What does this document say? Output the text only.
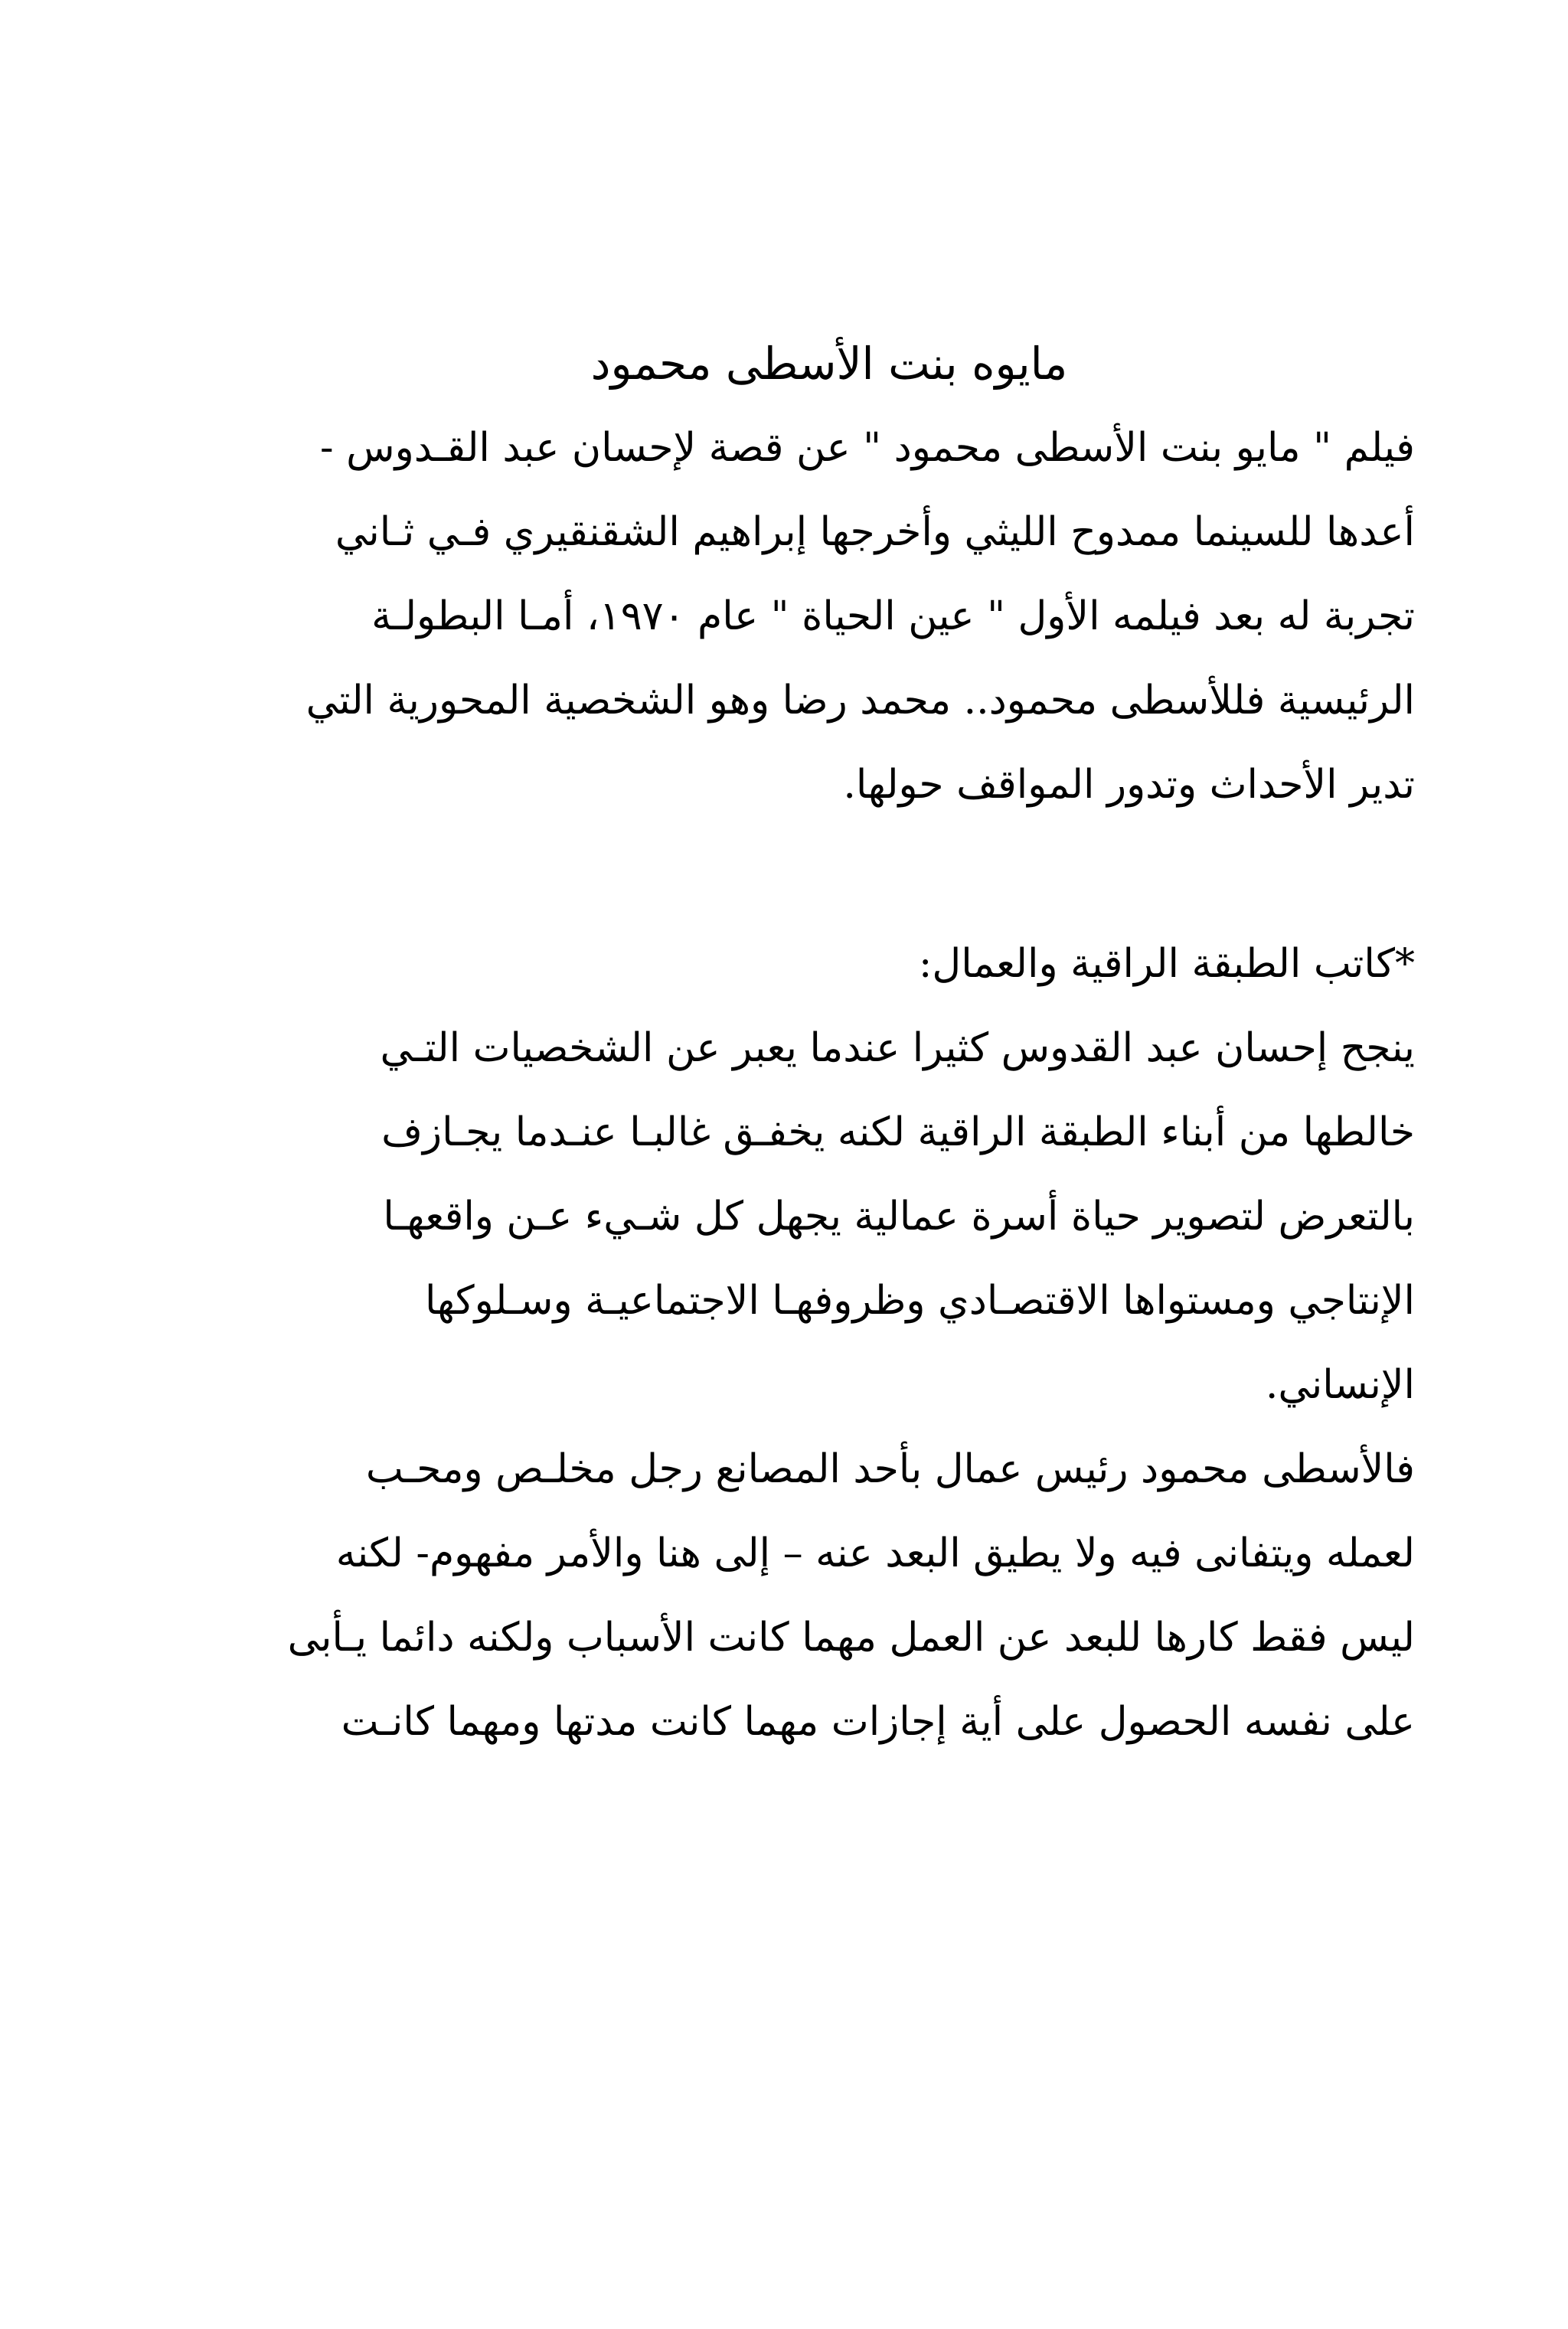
مايوه بنت الأسطى محمود
فيلم " مايو بنت الأسطى محمود " عن قصة لإحسان عبد القـدوس -
أعدها للسينما ممدوح الليثي وأخرجها إبراهيم الشقنقيري فـي ثـاني
تجربة له بعد فيلمه الأول " عين الحياة " عام ١٩٧٠، أمـا البطولـة
الرئيسية فللأسطى محمود.. محمد رضا وهو الشخصية المحورية التي
تدير الأحداث وتدور المواقف حولها.
*كاتب الطبقة الراقية والعمال:
ينجح إحسان عبد القدوس كثيرا عندما يعبر عن الشخصيات التـي
خالطها من أبناء الطبقة الراقية لكنه يخفـق غالبـا عنـدما يجـازف
بالتعرض لتصوير حياة أسرة عمالية يجهل كل شـيء عـن واقعهـا
الإنتاجي ومستواها الاقتصـادي وظروفهـا الاجتماعيـة وسـلوكها
الإنساني.
فالأسطى محمود رئيس عمال بأحد المصانع رجل مخلـص ومحـب
لعمله ويتفانى فيه ولا يطيق البعد عنه – إلى هنا والأمر مفهوم- لكنه
ليس فقط كارها للبعد عن العمل مهما كانت الأسباب ولكنه دائما يـأبى
على نفسه الحصول على أية إجازات مهما كانت مدتها ومهما كانـت
